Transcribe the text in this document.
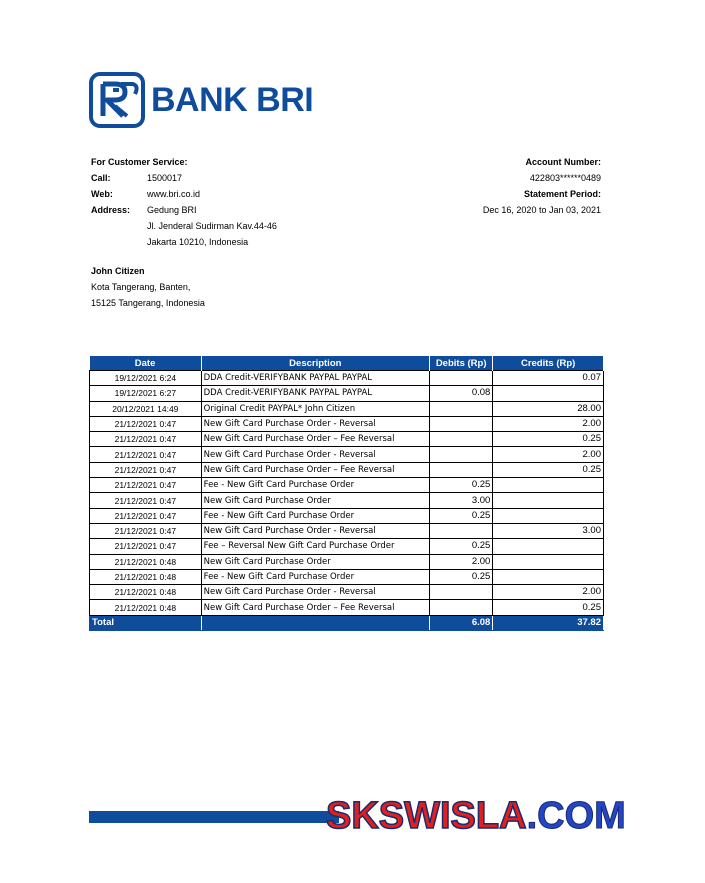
BANK BRI
For Customer Service:
Call:	1500017
Web:	www.bri.co.id
Address:	Gedung BRI
Jl. Jenderal Sudirman Kav.44-46
Jakarta 10210, Indonesia
Account Number:
422803******0489
Statement Period:
Dec 16, 2020 to Jan 03, 2021
John Citizen
Kota Tangerang, Banten,
15125 Tangerang, Indonesia
Date	Description	Debits (Rp)	Credits (Rp)
19/12/2021 6:24	DDA Credit-VERIFYBANK PAYPAL PAYPAL		0.07
19/12/2021 6:27	DDA Credit-VERIFYBANK PAYPAL PAYPAL	0.08	
20/12/2021 14:49	Original Credit PAYPAL* John Citizen		28.00
21/12/2021 0:47	New Gift Card Purchase Order - Reversal		2.00
21/12/2021 0:47	New Gift Card Purchase Order – Fee Reversal		0.25
21/12/2021 0:47	New Gift Card Purchase Order - Reversal		2.00
21/12/2021 0:47	New Gift Card Purchase Order – Fee Reversal		0.25
21/12/2021 0:47	Fee - New Gift Card Purchase Order	0.25	
21/12/2021 0:47	New Gift Card Purchase Order	3.00	
21/12/2021 0:47	Fee - New Gift Card Purchase Order	0.25	
21/12/2021 0:47	New Gift Card Purchase Order - Reversal		3.00
21/12/2021 0:47	Fee – Reversal New Gift Card Purchase Order	0.25	
21/12/2021 0:48	New Gift Card Purchase Order	2.00	
21/12/2021 0:48	Fee - New Gift Card Purchase Order	0.25	
21/12/2021 0:48	New Gift Card Purchase Order - Reversal		2.00
21/12/2021 0:48	New Gift Card Purchase Order – Fee Reversal		0.25
Total		6.08	37.82
SKSWISLA.COM
